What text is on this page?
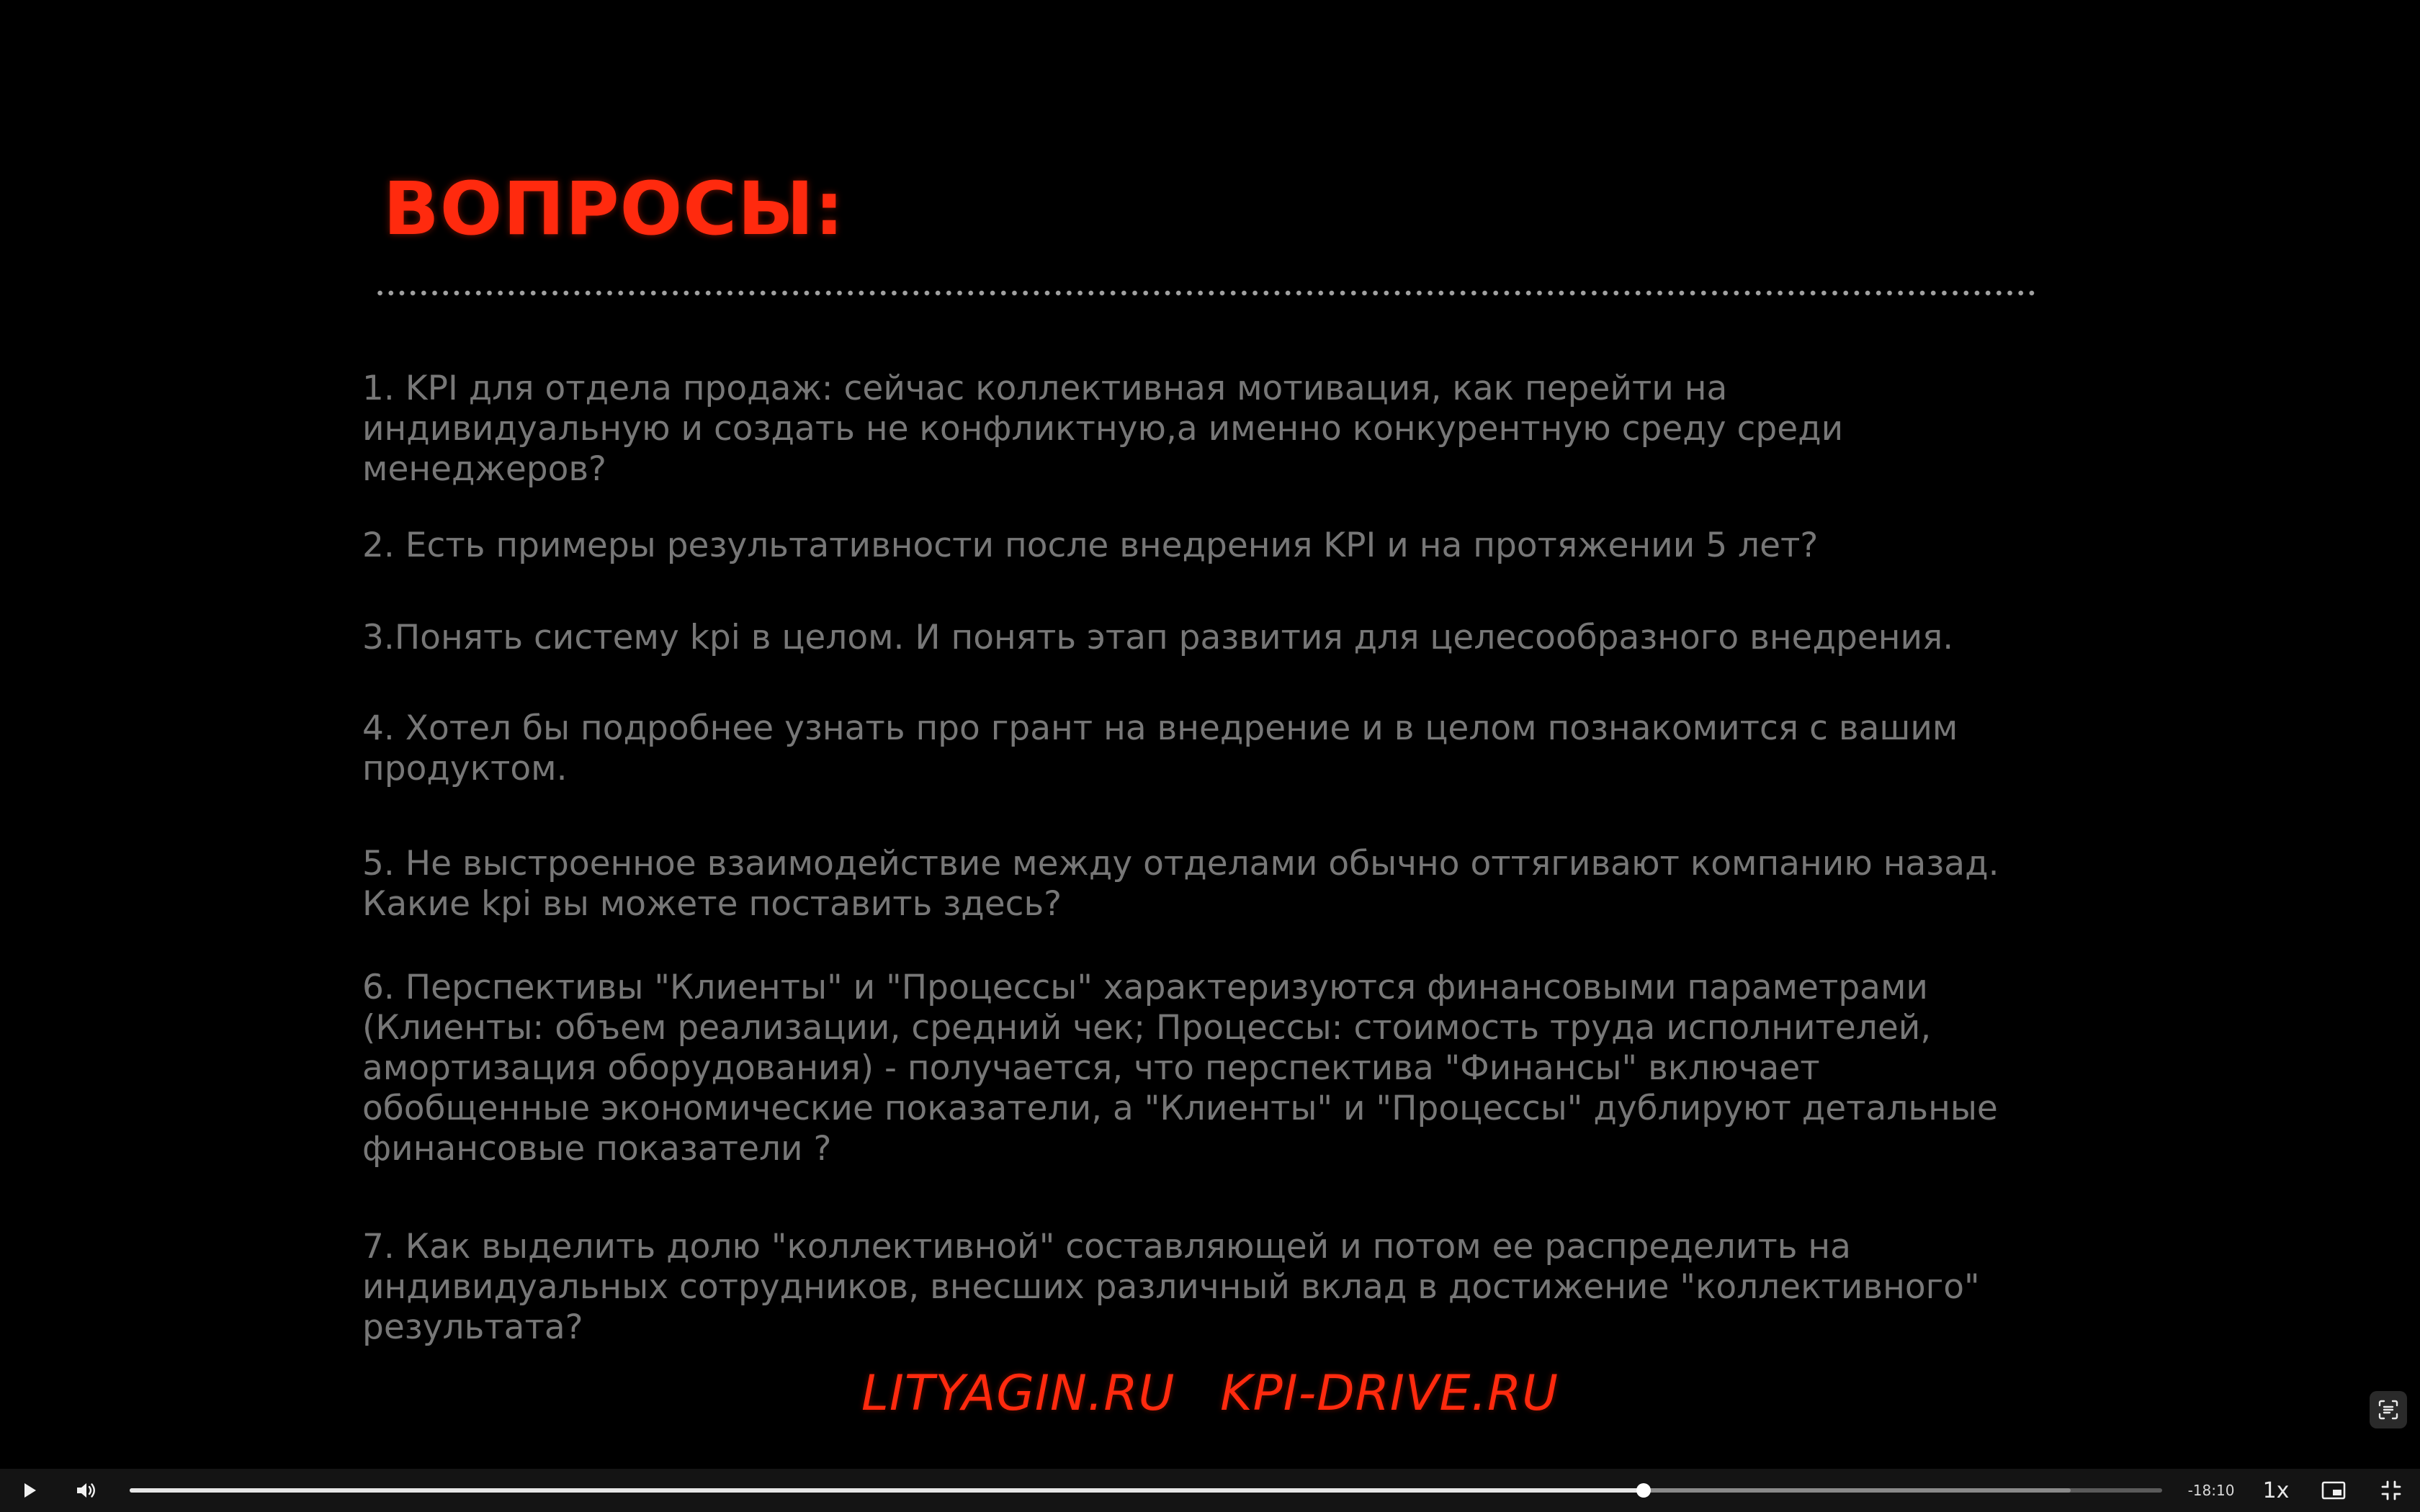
ВОПРОСЫ:

1. KPI для отдела продаж: сейчас коллективная мотивация, как перейти на
индивидуальную и создать не конфликтную,а именно конкурентную среду среди
менеджеров?

2. Есть примеры результативности после внедрения KPI и на протяжении 5 лет?

3.Понять систему kpi в целом. И понять этап развития для целесообразного внедрения.

4. Хотел бы подробнее узнать про грант на внедрение и в целом познакомится с вашим
продуктом.

5. Не выстроенное взаимодействие между отделами обычно оттягивают компанию назад.
Какие kpi вы можете поставить здесь?

6. Перспективы "Клиенты" и "Процессы" характеризуются финансовыми параметрами
(Клиенты: объем реализации, средний чек; Процессы: стоимость труда исполнителей,
амортизация оборудования) - получается, что перспектива "Финансы" включает
обобщенные экономические показатели, а "Клиенты" и "Процессы" дублируют детальные
финансовые показатели ?

7. Как выделить долю "коллективной" составляющей и потом ее распределить на
индивидуальных сотрудников, внесших различный вклад в достижение "коллективного"
результата?

LITYAGIN.RU KPI-DRIVE.RU
-18:10	1x
